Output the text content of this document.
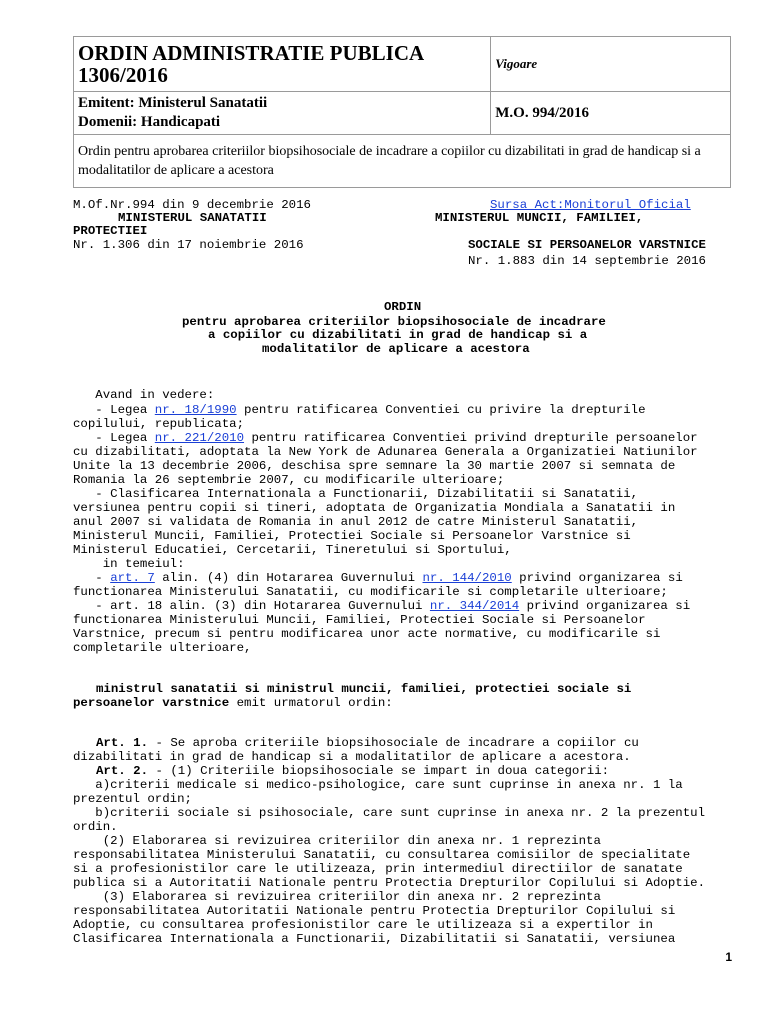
ORDIN ADMINISTRATIE PUBLICA 1306/2016	Vigoare

Emitent: Ministerul Sanatatii
Domenii: Handicapati	M.O. 994/2016
Ordin pentru aprobarea criteriilor biopsihosociale de incadrare a copiilor cu dizabilitati in grad de handicap si a modalitatilor de aplicare a acestora	
M.Of.Nr.994 din 9 decembrie 2016	Sursa Act:Monitorul Oficial
MINISTERUL SANATATII	MINISTERUL MUNCII, FAMILIEI,
PROTECTIEI
Nr. 1.306 din 17 noiembrie 2016	SOCIALE SI PERSOANELOR VARSTNICE
Nr. 1.883 din 14 septembrie 2016
ORDIN
pentru aprobarea criteriilor biopsihosociale de incadrare
a copiilor cu dizabilitati in grad de handicap si a
modalitatilor de aplicare a acestora
Avand in vedere:
- Legea nr. 18/1990 pentru ratificarea Conventiei cu privire la drepturile
copilului, republicata;
- Legea nr. 221/2010 pentru ratificarea Conventiei privind drepturile persoanelor
cu dizabilitati, adoptata la New York de Adunarea Generala a Organizatiei Natiunilor
Unite la 13 decembrie 2006, deschisa spre semnare la 30 martie 2007 si semnata de
Romania la 26 septembrie 2007, cu modificarile ulterioare;
- Clasificarea Internationala a Functionarii, Dizabilitatii si Sanatatii,
versiunea pentru copii si tineri, adoptata de Organizatia Mondiala a Sanatatii in
anul 2007 si validata de Romania in anul 2012 de catre Ministerul Sanatatii,
Ministerul Muncii, Familiei, Protectiei Sociale si Persoanelor Varstnice si
Ministerul Educatiei, Cercetarii, Tineretului si Sportului,
in temeiul:
- art. 7 alin. (4) din Hotararea Guvernului nr. 144/2010 privind organizarea si
functionarea Ministerului Sanatatii, cu modificarile si completarile ulterioare;
- art. 18 alin. (3) din Hotararea Guvernului nr. 344/2014 privind organizarea si
functionarea Ministerului Muncii, Familiei, Protectiei Sociale si Persoanelor
Varstnice, precum si pentru modificarea unor acte normative, cu modificarile si
completarile ulterioare,
ministrul sanatatii si ministrul muncii, familiei, protectiei sociale si
persoanelor varstnice emit urmatorul ordin:
Art. 1. - Se aproba criteriile biopsihosociale de incadrare a copiilor cu
dizabilitati in grad de handicap si a modalitatilor de aplicare a acestora.
Art. 2. - (1) Criteriile biopsihosociale se impart in doua categorii:
a)criterii medicale si medico-psihologice, care sunt cuprinse in anexa nr. 1 la
prezentul ordin;
b)criterii sociale si psihosociale, care sunt cuprinse in anexa nr. 2 la prezentul
ordin.
(2) Elaborarea si revizuirea criteriilor din anexa nr. 1 reprezinta
responsabilitatea Ministerului Sanatatii, cu consultarea comisiilor de specialitate
si a profesionistilor care le utilizeaza, prin intermediul directiilor de sanatate
publica si a Autoritatii Nationale pentru Protectia Drepturilor Copilului si Adoptie.
(3) Elaborarea si revizuirea criteriilor din anexa nr. 2 reprezinta
responsabilitatea Autoritatii Nationale pentru Protectia Drepturilor Copilului si
Adoptie, cu consultarea profesionistilor care le utilizeaza si a expertilor in
Clasificarea Internationala a Functionarii, Dizabilitatii si Sanatatii, versiunea
1
